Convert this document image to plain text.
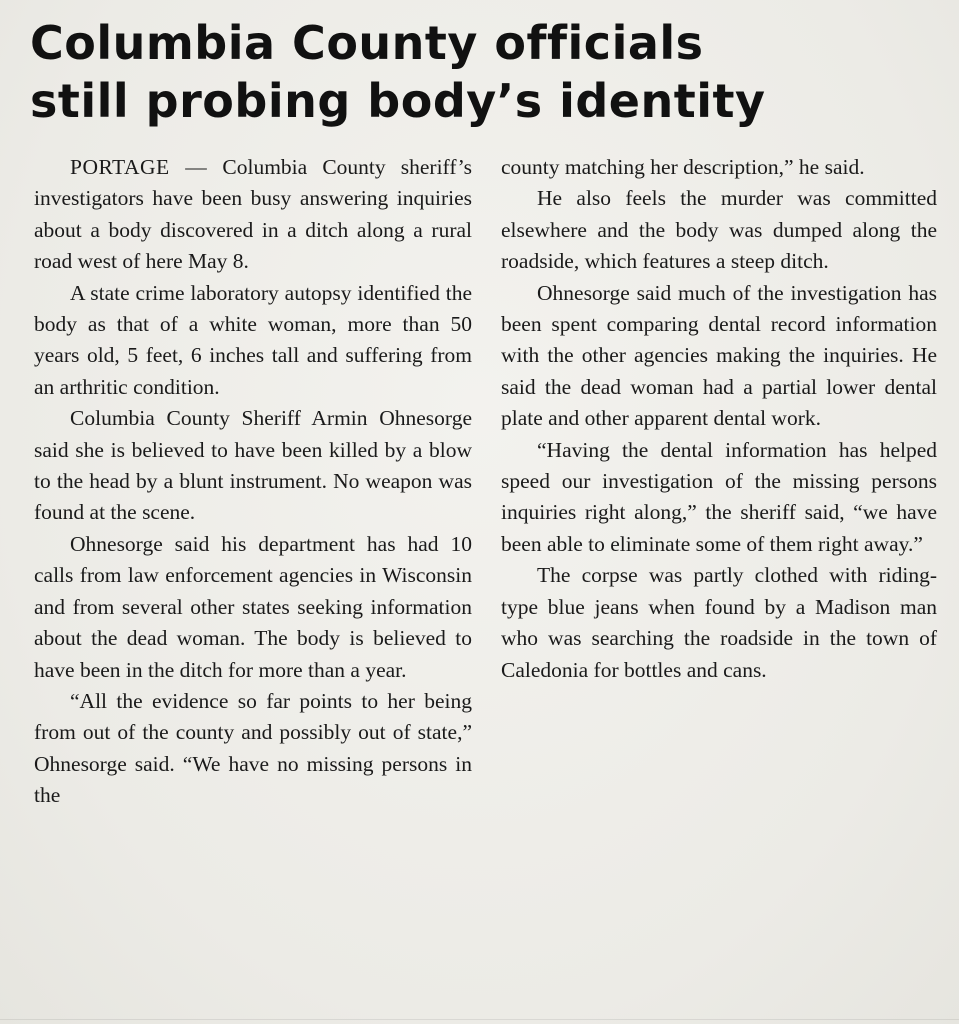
Columbia County officials
still probing body’s identity

PORTAGE — Columbia County sheriff’s investigators have been busy answering inquiries about a body discovered in a ditch along a rural road west of here May 8.

A state crime laboratory autopsy identified the body as that of a white woman, more than 50 years old, 5 feet, 6 inches tall and suffering from an arthritic condition.

Columbia County Sheriff Armin Ohnesorge said she is believed to have been killed by a blow to the head by a blunt instrument. No weapon was found at the scene.

Ohnesorge said his department has had 10 calls from law enforcement agencies in Wisconsin and from several other states seeking information about the dead woman. The body is believed to have been in the ditch for more than a year.

“All the evidence so far points to her being from out of the county and possibly out of state,” Ohnesorge said. “We have no missing persons in the

county matching her description,” he said.

He also feels the murder was committed elsewhere and the body was dumped along the roadside, which features a steep ditch.

Ohnesorge said much of the investigation has been spent comparing dental record information with the other agencies making the inquiries. He said the dead woman had a partial lower dental plate and other apparent dental work.

“Having the dental information has helped speed our investigation of the missing persons inquiries right along,” the sheriff said, “we have been able to eliminate some of them right away.”

The corpse was partly clothed with riding-type blue jeans when found by a Madison man who was searching the roadside in the town of Caledonia for bottles and cans.
